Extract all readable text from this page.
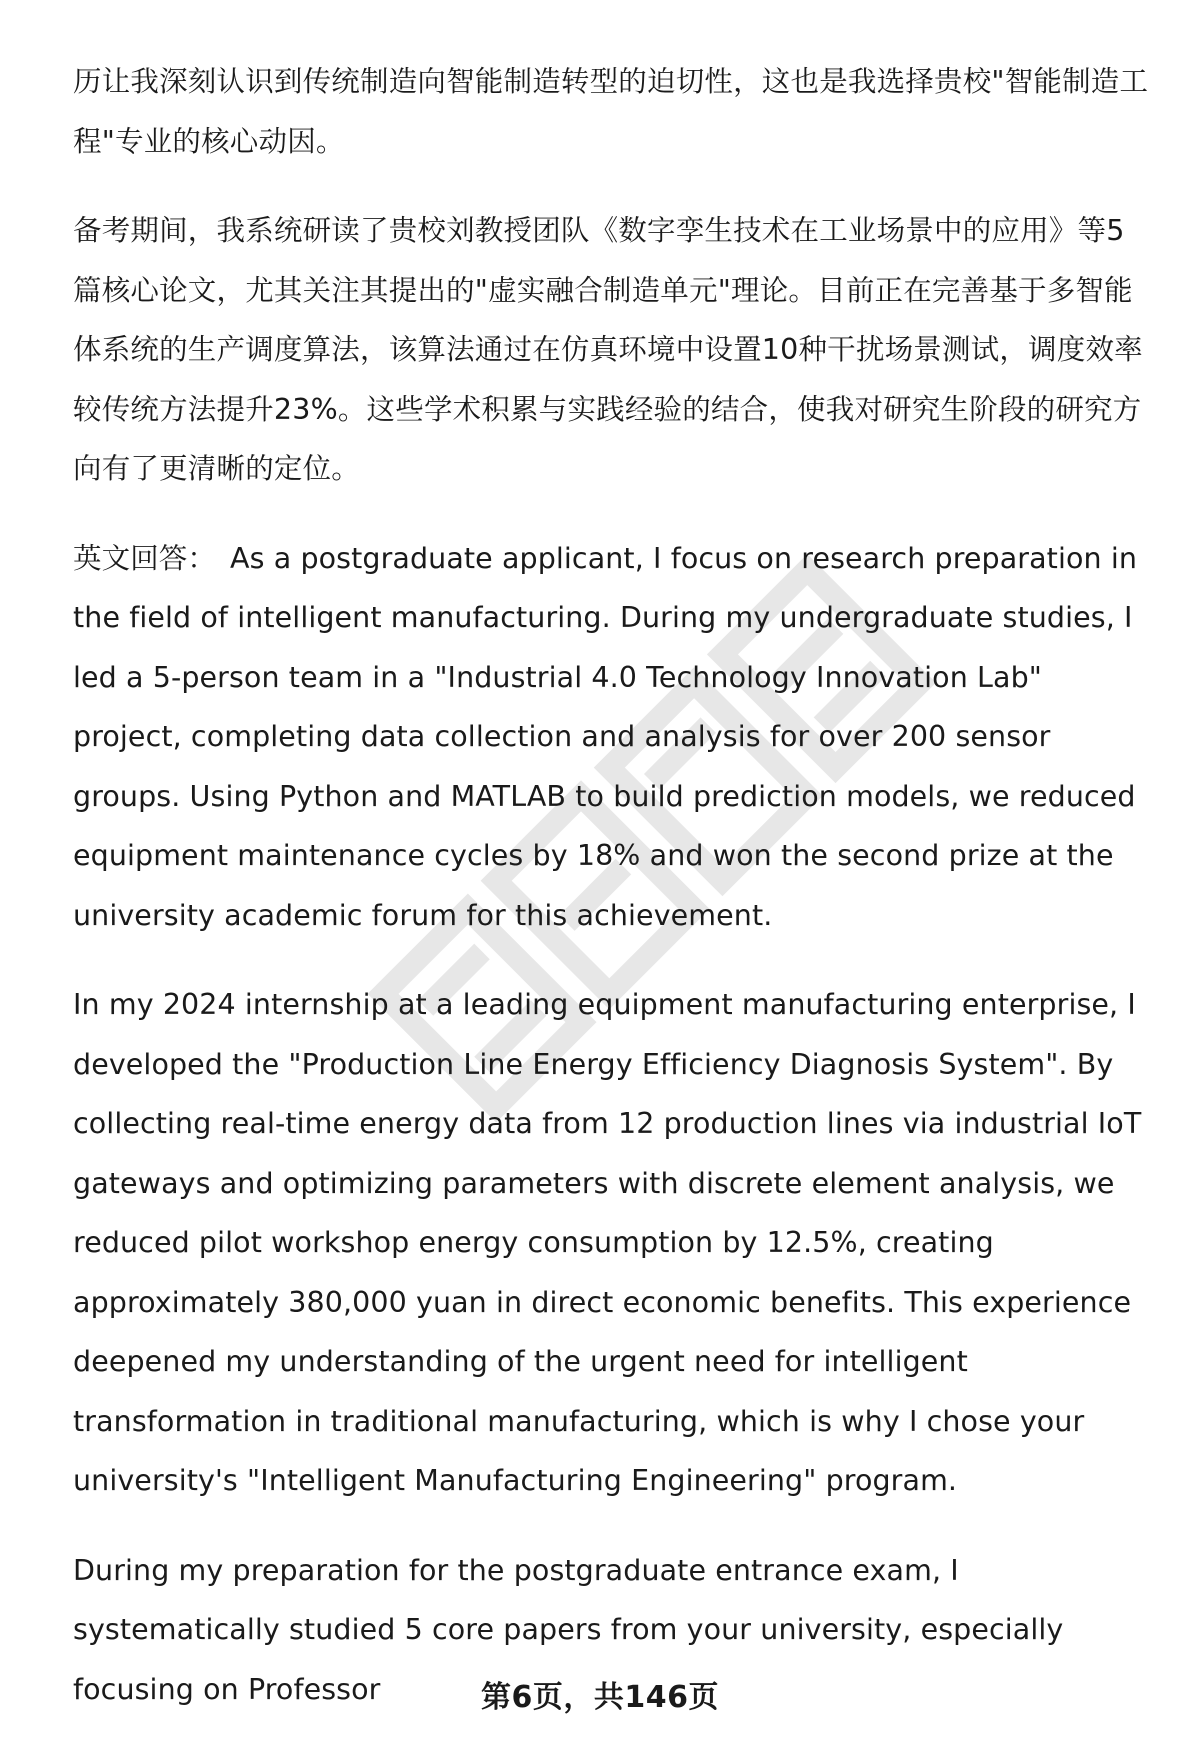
历让我深刻认识到传统制造向智能制造转型的迫切性，这也是我选择贵校"智能制造工程"专业的核心动因。

备考期间，我系统研读了贵校刘教授团队《数字孪生技术在工业场景中的应用》等5篇核心论文，尤其关注其提出的"虚实融合制造单元"理论。目前正在完善基于多智能体系统的生产调度算法，该算法通过在仿真环境中设置10种干扰场景测试，调度效率较传统方法提升23%。这些学术积累与实践经验的结合，使我对研究生阶段的研究方向有了更清晰的定位。

英文回答： As a postgraduate applicant, I focus on research preparation in the field of intelligent manufacturing. During my undergraduate studies, I led a 5-person team in a "Industrial 4.0 Technology Innovation Lab" project, completing data collection and analysis for over 200 sensor groups. Using Python and MATLAB to build prediction models, we reduced equipment maintenance cycles by 18% and won the second prize at the university academic forum for this achievement.

In my 2024 internship at a leading equipment manufacturing enterprise, I developed the "Production Line Energy Efficiency Diagnosis System". By collecting real-time energy data from 12 production lines via industrial IoT gateways and optimizing parameters with discrete element analysis, we reduced pilot workshop energy consumption by 12.5%, creating approximately 380,000 yuan in direct economic benefits. This experience deepened my understanding of the urgent need for intelligent transformation in traditional manufacturing, which is why I chose your university's "Intelligent Manufacturing Engineering" program.

During my preparation for the postgraduate entrance exam, I systematically studied 5 core papers from your university, especially focusing on Professor	第6页，共146页
